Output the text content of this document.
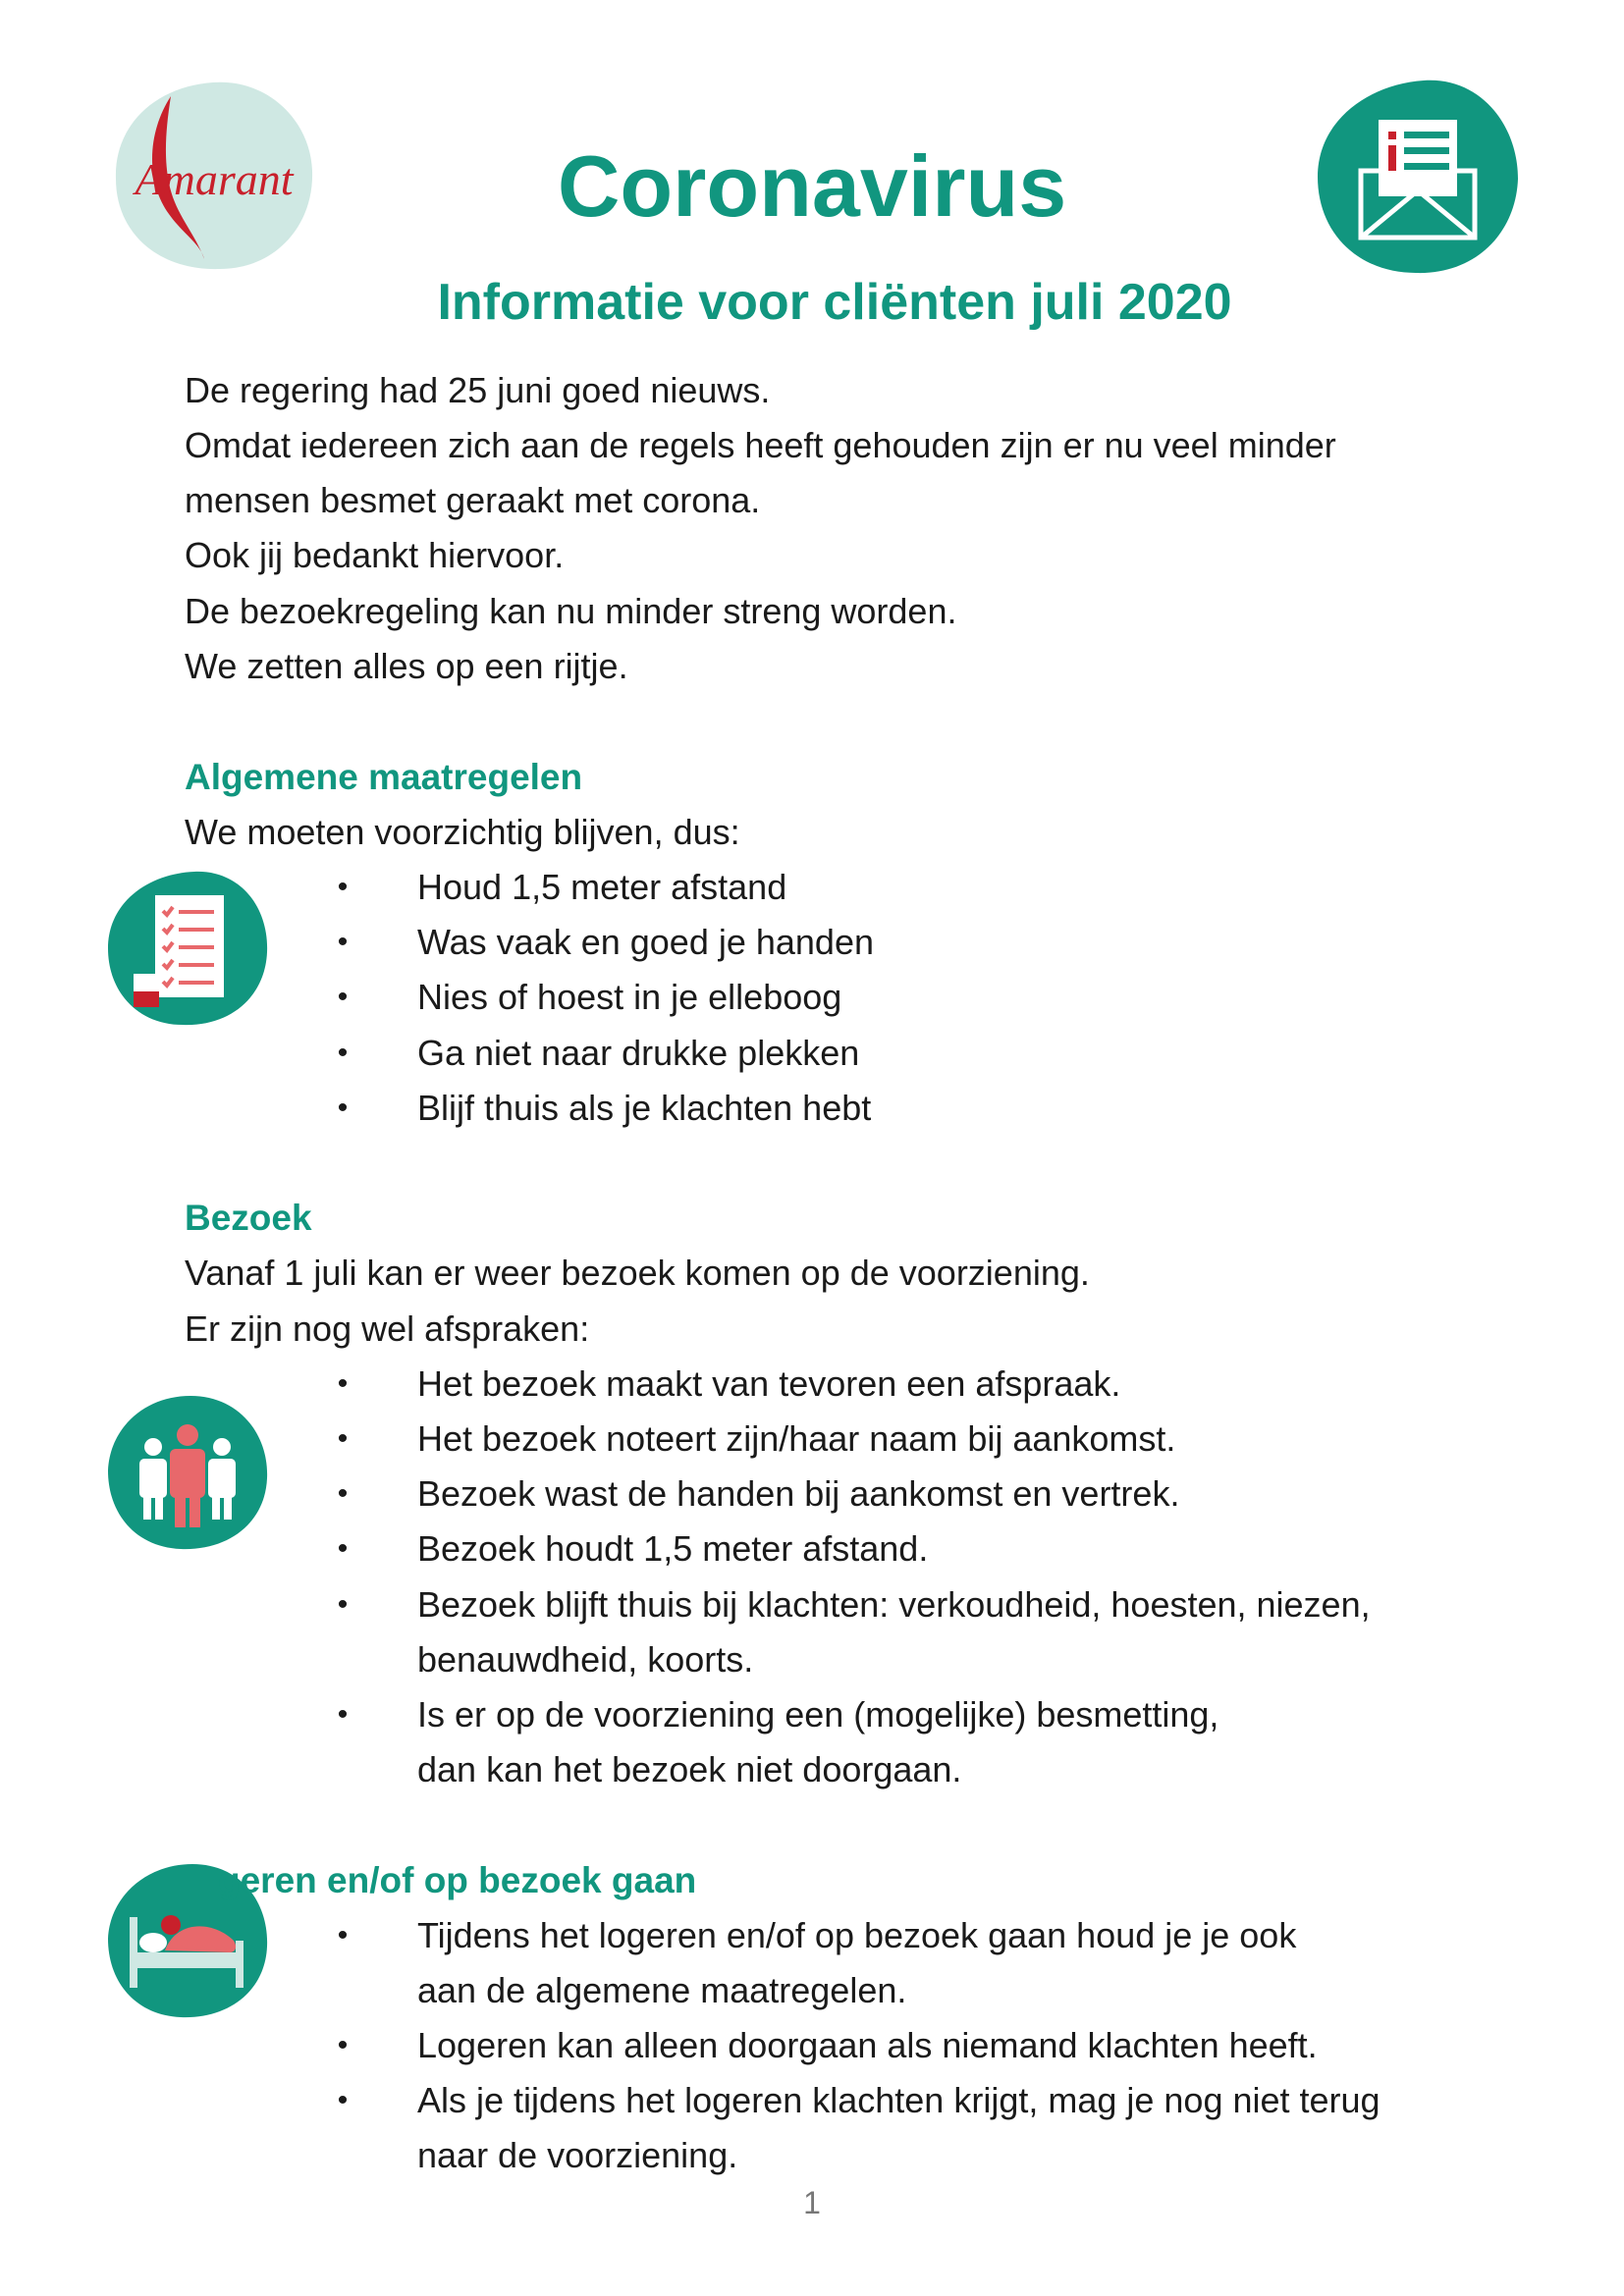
Amarant	Coronavirus
Informatie voor cliënten juli 2020

De regering had 25 juni goed nieuws.

Omdat iedereen zich aan de regels heeft gehouden zijn er nu veel minder

mensen besmet geraakt met corona.

Ook jij bedankt hiervoor.

De bezoekregeling kan nu minder streng worden.

We zetten alles op een rijtje.

Algemene maatregelen

We moeten voorzichtig blijven, dus:

• Houd 1,5 meter afstand

• Was vaak en goed je handen

• Nies of hoest in je elleboog

• Ga niet naar drukke plekken

• Blijf thuis als je klachten hebt

Bezoek

Vanaf 1 juli kan er weer bezoek komen op de voorziening.

Er zijn nog wel afspraken:

• Het bezoek maakt van tevoren een afspraak.

• Het bezoek noteert zijn/haar naam bij aankomst.

• Bezoek wast de handen bij aankomst en vertrek.

• Bezoek houdt 1,5 meter afstand.

• Bezoek blijft thuis bij klachten: verkoudheid, hoesten, niezen,

benauwdheid, koorts.

• Is er op de voorziening een (mogelijke) besmetting,

dan kan het bezoek niet doorgaan.

geren en/of op bezoek gaan
• Tijdens het logeren en/of op bezoek gaan houd je je ook

aan de algemene maatregelen.

• Logeren kan alleen doorgaan als niemand klachten heeft.

• Als je tijdens het logeren klachten krijgt, mag je nog niet terug

naar de voorziening.

1
